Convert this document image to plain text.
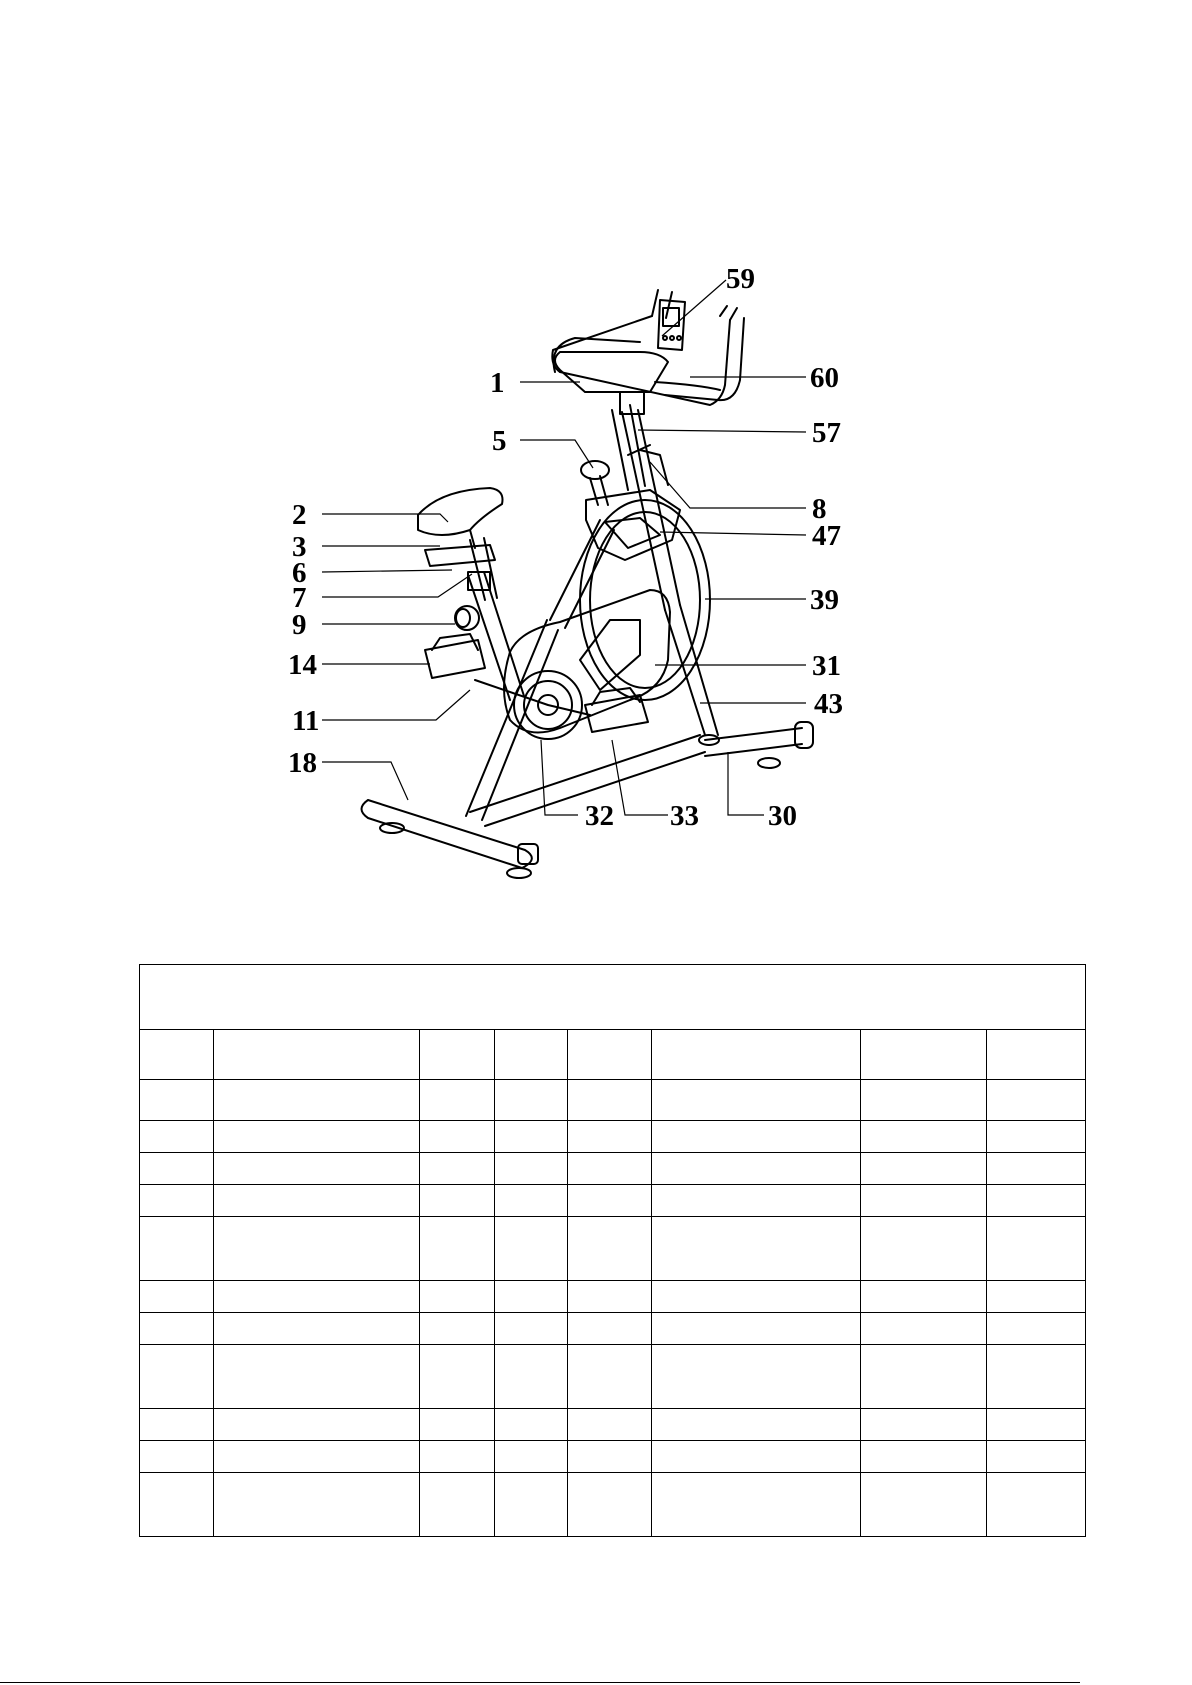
59
1	60
5	57
2	8
47
3
6
7	39
9
14	31
43
11
18
32 33 30
